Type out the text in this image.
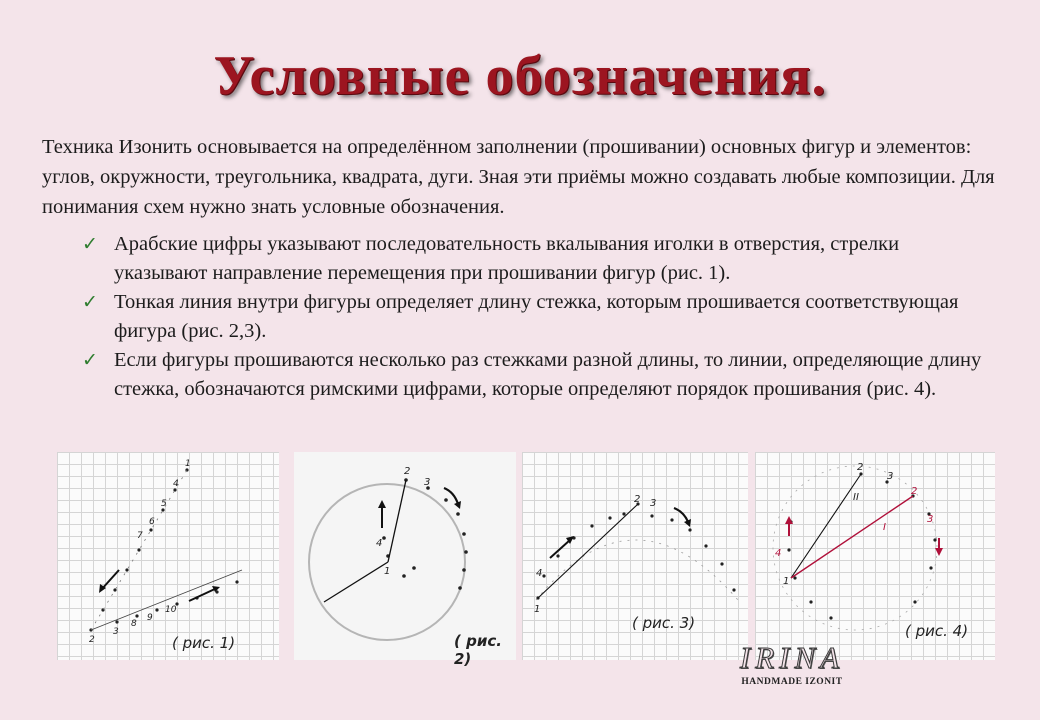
Условные обозначения.

Техника Изонить основывается на определённом заполнении (прошивании) основных фигур и элементов: углов, окружности, треугольника, квадрата, дуги. Зная эти приёмы можно создавать любые композиции. Для понимания схем нужно знать условные обозначения.

✓ Арабские цифры указывают последовательность вкалывания иголки в отверстия, стрелки указывают направление перемещения при прошивании фигур (рис. 1).
✓ Тонкая линия внутри фигуры определяет длину стежка, которым прошивается соответствующая фигура (рис. 2,3).
✓ Если фигуры прошиваются несколько раз стежками разной длины, то линии, определяющие длину стежка, обозначаются римскими цифрами, которые определяют порядок прошивания (рис. 4).
1
4
5
6
7
2
3
10
9
8
( рис. 1)
2
3
4
1
( рис. 2)
1
4
2 3
( рис. 3)
2
3
II
I
2
3
4
1
( рис. 4)
IRINA
HANDMADE IZONIT
